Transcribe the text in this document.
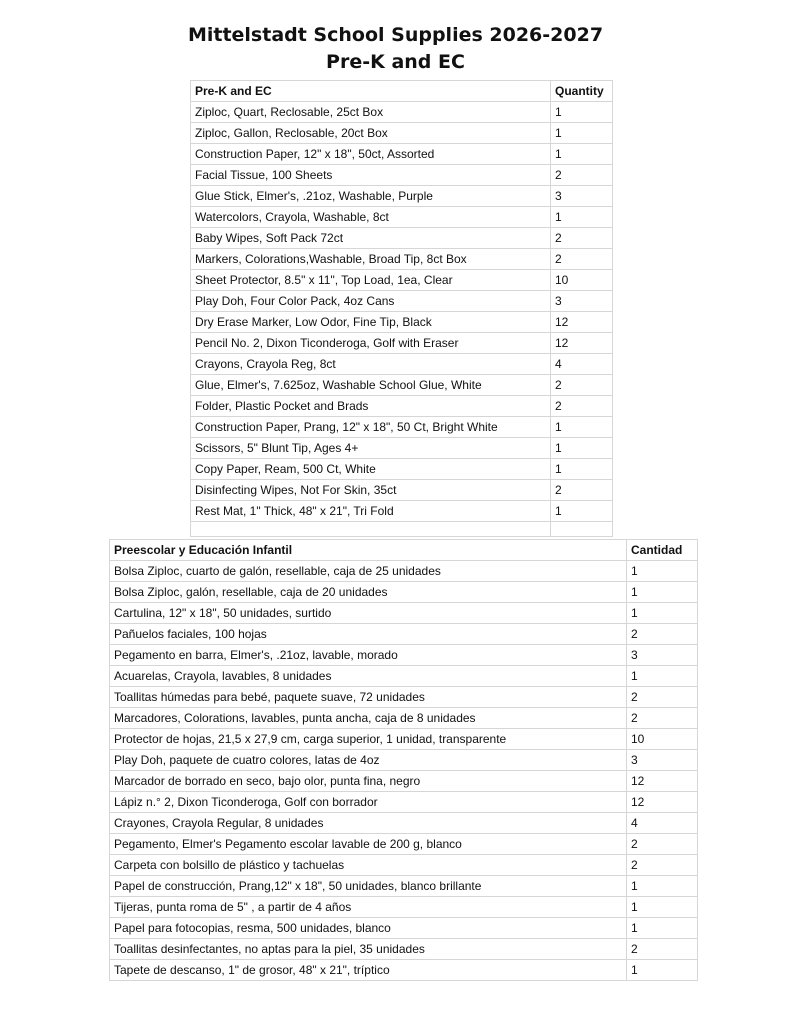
Mittelstadt School Supplies 2026-2027
Pre-K and EC
Pre-K and EC	Quantity
Ziploc, Quart, Reclosable, 25ct Box	1
Ziploc, Gallon, Reclosable, 20ct Box	1
Construction Paper, 12" x 18", 50ct, Assorted	1
Facial Tissue, 100 Sheets	2
Glue Stick, Elmer's, .21oz, Washable, Purple	3
Watercolors, Crayola, Washable, 8ct	1
Baby Wipes, Soft Pack 72ct	2
Markers, Colorations,Washable, Broad Tip, 8ct Box	2
Sheet Protector, 8.5" x 11", Top Load, 1ea, Clear	10
Play Doh, Four Color Pack, 4oz Cans	3
Dry Erase Marker, Low Odor, Fine Tip, Black	12
Pencil No. 2, Dixon Ticonderoga, Golf with Eraser	12
Crayons, Crayola Reg, 8ct	4
Glue, Elmer's, 7.625oz, Washable School Glue, White	2
Folder, Plastic Pocket and Brads	2
Construction Paper, Prang, 12" x 18", 50 Ct, Bright White	1
Scissors, 5" Blunt Tip, Ages 4+	1
Copy Paper, Ream, 500 Ct, White	1
Disinfecting Wipes, Not For Skin, 35ct	2
Rest Mat, 1" Thick, 48" x 21", Tri Fold	1

Preescolar y Educación Infantil	Cantidad
Bolsa Ziploc, cuarto de galón, resellable, caja de 25 unidades	1
Bolsa Ziploc, galón, resellable, caja de 20 unidades	1
Cartulina, 12" x 18", 50 unidades, surtido	1
Pañuelos faciales, 100 hojas	2
Pegamento en barra, Elmer's, .21oz, lavable, morado	3
Acuarelas, Crayola, lavables, 8 unidades	1
Toallitas húmedas para bebé, paquete suave, 72 unidades	2
Marcadores, Colorations, lavables, punta ancha, caja de 8 unidades	2
Protector de hojas, 21,5 x 27,9 cm, carga superior, 1 unidad, transparente	10
Play Doh, paquete de cuatro colores, latas de 4oz	3
Marcador de borrado en seco, bajo olor, punta fina, negro	12
Lápiz n.° 2, Dixon Ticonderoga, Golf con borrador	12
Crayones, Crayola Regular, 8 unidades	4
Pegamento, Elmer's Pegamento escolar lavable de 200 g, blanco	2
Carpeta con bolsillo de plástico y tachuelas	2
Papel de construcción, Prang,12" x 18", 50 unidades, blanco brillante	1
Tijeras, punta roma de 5" , a partir de 4 años	1
Papel para fotocopias, resma, 500 unidades, blanco	1
Toallitas desinfectantes, no aptas para la piel, 35 unidades	2
Tapete de descanso, 1" de grosor, 48" x 21", tríptico	1
